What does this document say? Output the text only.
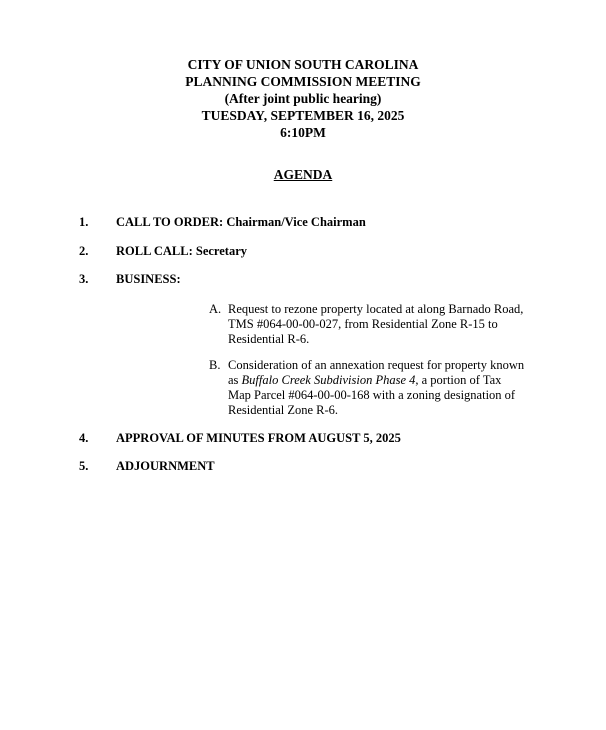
CITY OF UNION SOUTH CAROLINA
PLANNING COMMISSION MEETING
(After joint public hearing)
TUESDAY, SEPTEMBER 16, 2025
6:10PM
AGENDA
1. CALL TO ORDER: Chairman/Vice Chairman
2. ROLL CALL: Secretary
3. BUSINESS:
A. Request to rezone property located at along Barnado Road,
TMS #064-00-00-027, from Residential Zone R-15 to
Residential R-6.
B. Consideration of an annexation request for property known
as Buffalo Creek Subdivision Phase 4, a portion of Tax
Map Parcel #064-00-00-168 with a zoning designation of
Residential Zone R-6.
4. APPROVAL OF MINUTES FROM AUGUST 5, 2025
5. ADJOURNMENT
